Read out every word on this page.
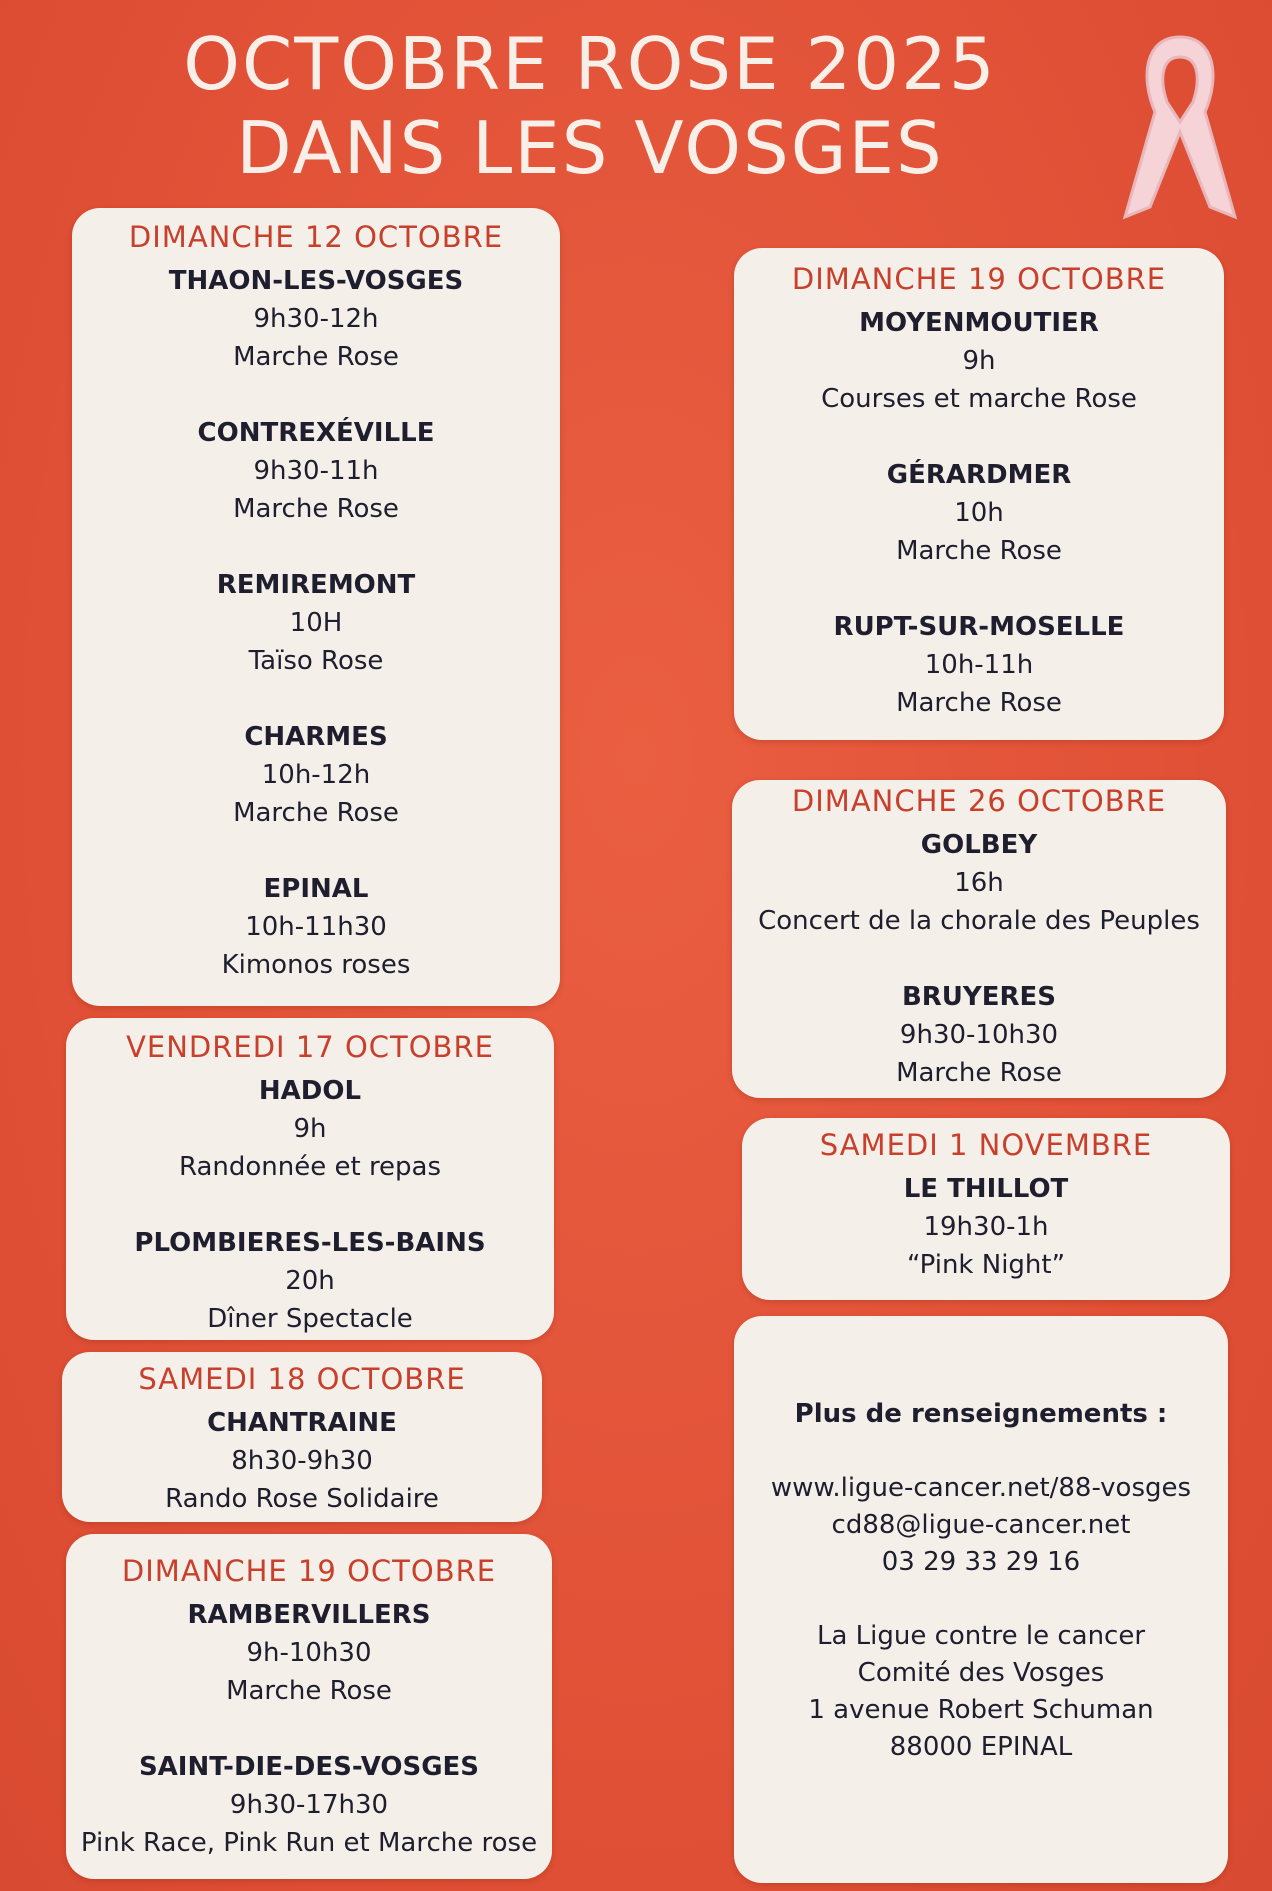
OCTOBRE ROSE 2025
DANS LES VOSGES
DIMANCHE 12 OCTOBRE
THAON-LES-VOSGES
9h30-12h
Marche Rose
CONTREXÉVILLE
9h30-11h
Marche Rose
REMIREMONT
10H
Taïso Rose
CHARMES
10h-12h
Marche Rose
EPINAL
10h-11h30
Kimonos roses
VENDREDI 17 OCTOBRE
HADOL
9h
Randonnée et repas
PLOMBIERES-LES-BAINS
20h
Dîner Spectacle
SAMEDI 18 OCTOBRE
CHANTRAINE
8h30-9h30
Rando Rose Solidaire
DIMANCHE 19 OCTOBRE
RAMBERVILLERS
9h-10h30
Marche Rose
SAINT-DIE-DES-VOSGES
9h30-17h30
Pink Race, Pink Run et Marche rose
DIMANCHE 19 OCTOBRE
MOYENMOUTIER
9h
Courses et marche Rose
GÉRARDMER
10h
Marche Rose
RUPT-SUR-MOSELLE
10h-11h
Marche Rose
DIMANCHE 26 OCTOBRE
GOLBEY
16h
Concert de la chorale des Peuples
BRUYERES
9h30-10h30
Marche Rose
SAMEDI 1 NOVEMBRE
LE THILLOT
19h30-1h
“Pink Night”
Plus de renseignements :
www.ligue-cancer.net/88-vosges
cd88@ligue-cancer.net
03 29 33 29 16
La Ligue contre le cancer
Comité des Vosges
1 avenue Robert Schuman
88000 EPINAL
